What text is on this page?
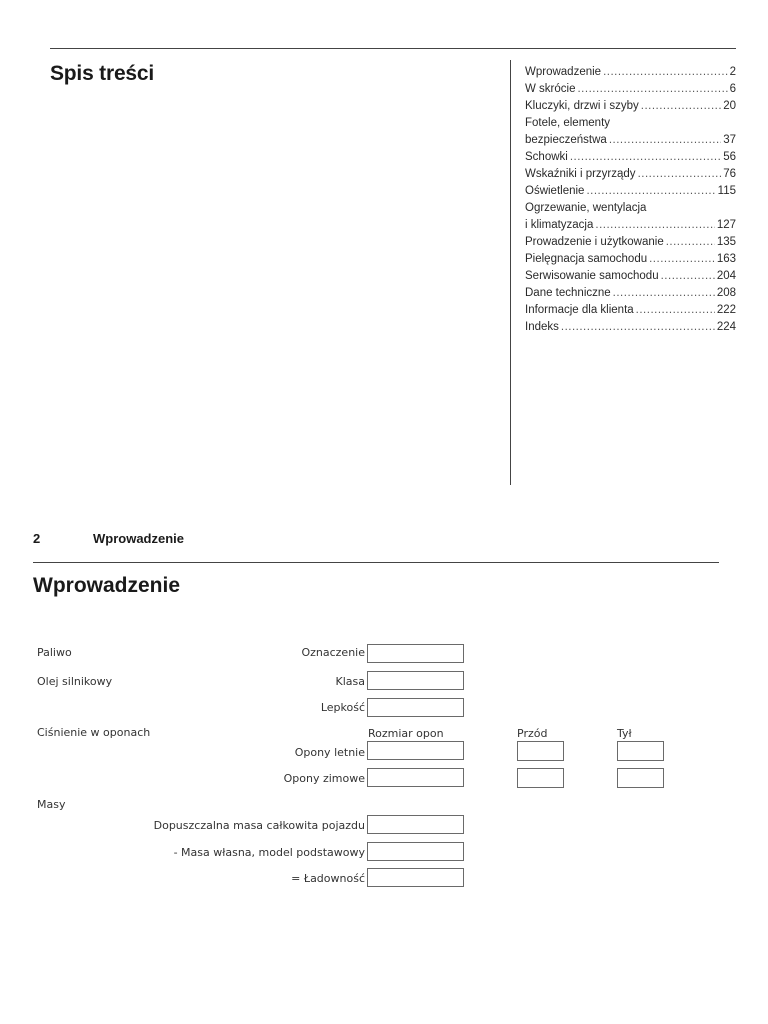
Spis treści	Wprowadzenie .....	2
W skrócie .....	6
Kluczyki, drzwi i szyby .....	20
Fotele, elementy
bezpieczeństwa .....	37
Schowki .....	56
Wskaźniki i przyrządy .....	76
Oświetlenie .....	115
Ogrzewanie, wentylacja
i klimatyzacja .....	127
Prowadzenie i użytkowanie .....	135
Pielęgnacja samochodu .....	163
Serwisowanie samochodu .....	204
Dane techniczne .....	208
Informacje dla klienta .....	222
Indeks .....	224
2	Wprowadzenie
Wprowadzenie
Paliwo	Oznaczenie
Olej silnikowy	Klasa
Lepkość
Ciśnienie w oponach	Rozmiar opon	Przód	Tył
Opony letnie
Opony zimowe
Masy
Dopuszczalna masa całkowita pojazdu
- Masa własna, model podstawowy
= Ładowność
